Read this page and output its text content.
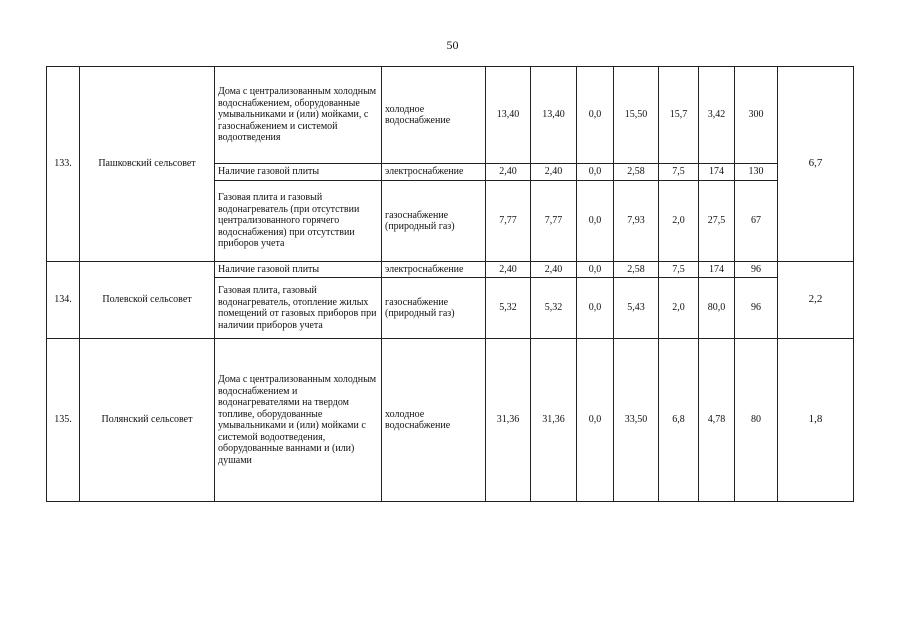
50
133.	Пашковский сельсовет	Дома с централизованным холодным водоснабжением, оборудованные умывальниками и (или) мойками, с газоснабжением и системой водоотведения	холодное водоснабжение	13,40	13,40	0,0	15,50	15,7	3,42	300	6,7
		Наличие газовой плиты	электроснабжение	2,40	2,40	0,0	2,58	7,5	174	130	
		Газовая плита и газовый водонагреватель (при отсутствии централизованного горячего водоснабжения) при отсутствии приборов учета	газоснабжение (природный газ)	7,77	7,77	0,0	7,93	2,0	27,5	67	
134.	Полевской сельсовет	Наличие газовой плиты	электроснабжение	2,40	2,40	0,0	2,58	7,5	174	96	2,2
		Газовая плита, газовый водонагреватель, отопление жилых помещений от газовых приборов при наличии приборов учета	газоснабжение (природный газ)	5,32	5,32	0,0	5,43	2,0	80,0	96	
135.	Полянский сельсовет	Дома с централизованным холодным водоснабжением и водонагревателями на твердом топливе, оборудованные умывальниками и (или) мойками с системой водоотведения, оборудованные ваннами и (или) душами	холодное водоснабжение	31,36	31,36	0,0	33,50	6,8	4,78	80	1,8
